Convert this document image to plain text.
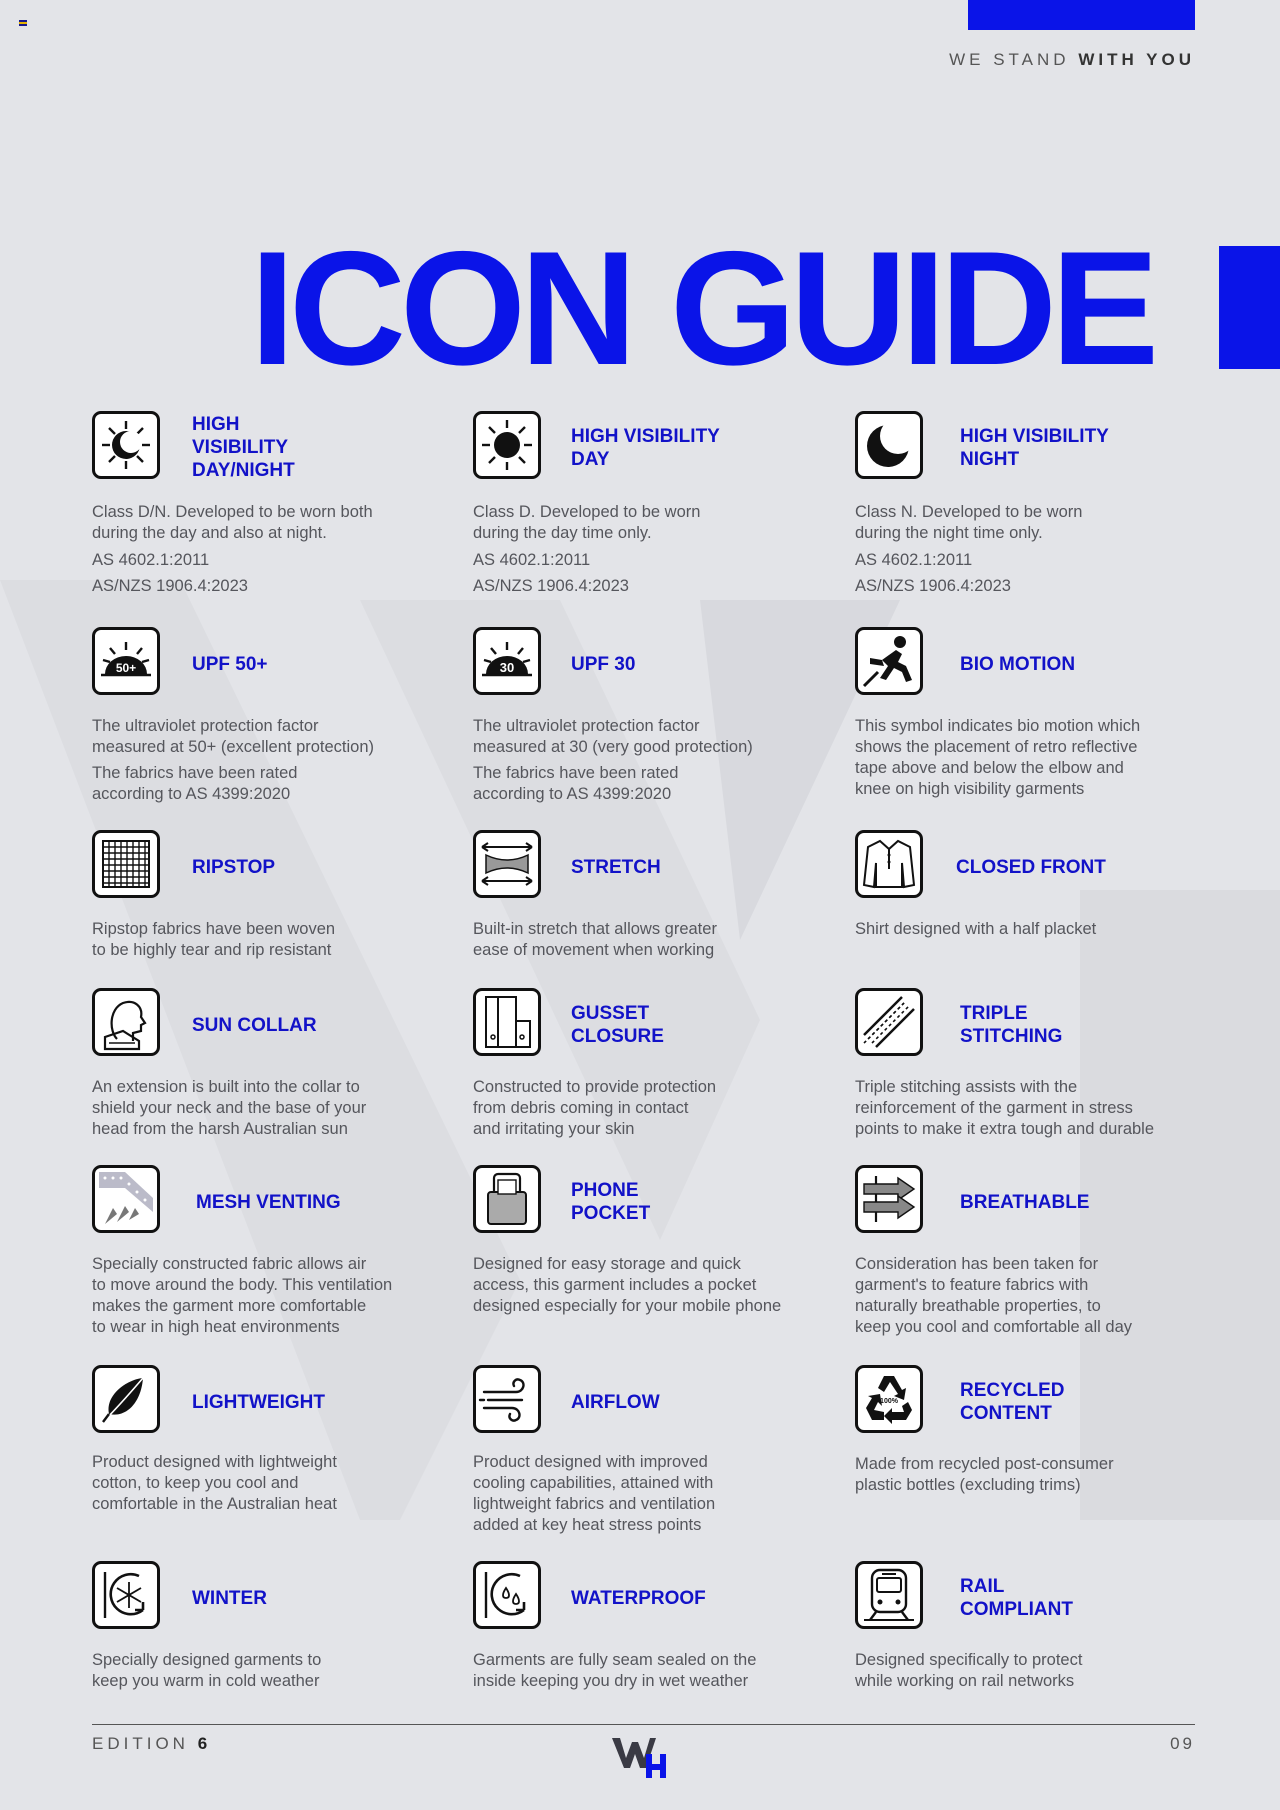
WE STAND WITH YOU
ICON GUIDE
HIGH
VISIBILITY
DAY/NIGHT
Class D/N. Developed to be worn both
during the day and also at night.
AS 4602.1:2011
AS/NZS 1906.4:2023
HIGH VISIBILITY
DAY
Class D. Developed to be worn
during the day time only.
AS 4602.1:2011
AS/NZS 1906.4:2023
HIGH VISIBILITY
NIGHT
Class N. Developed to be worn
during the night time only.
AS 4602.1:2011
AS/NZS 1906.4:2023
50+	UPF 50+
The ultraviolet protection factor
measured at 50+ (excellent protection)
The fabrics have been rated
according to AS 4399:2020
30	UPF 30
The ultraviolet protection factor
measured at 30 (very good protection)
The fabrics have been rated
according to AS 4399:2020
BIO MOTION
This symbol indicates bio motion which
shows the placement of retro reflective
tape above and below the elbow and
knee on high visibility garments
RIPSTOP
Ripstop fabrics have been woven
to be highly tear and rip resistant
STRETCH
Built-in stretch that allows greater
ease of movement when working
CLOSED FRONT
Shirt designed with a half placket
SUN COLLAR
An extension is built into the collar to
shield your neck and the base of your
head from the harsh Australian sun
GUSSET
CLOSURE
Constructed to provide protection
from debris coming in contact
and irritating your skin
TRIPLE
STITCHING
Triple stitching assists with the
reinforcement of the garment in stress
points to make it extra tough and durable
MESH VENTING
Specially constructed fabric allows air
to move around the body. This ventilation
makes the garment more comfortable
to wear in high heat environments
PHONE
POCKET
Designed for easy storage and quick
access, this garment includes a pocket
designed especially for your mobile phone
BREATHABLE
Consideration has been taken for
garment's to feature fabrics with
naturally breathable properties, to
keep you cool and comfortable all day
LIGHTWEIGHT
Product designed with lightweight
cotton, to keep you cool and
comfortable in the Australian heat
AIRFLOW
Product designed with improved
cooling capabilities, attained with
lightweight fabrics and ventilation
added at key heat stress points
100%
RECYCLED
CONTENT
Made from recycled post-consumer
plastic bottles (excluding trims)
WINTER
Specially designed garments to
keep you warm in cold weather
WATERPROOF
Garments are fully seam sealed on the
inside keeping you dry in wet weather
RAIL
COMPLIANT
Designed specifically to protect
while working on rail networks
EDITION 6	09
